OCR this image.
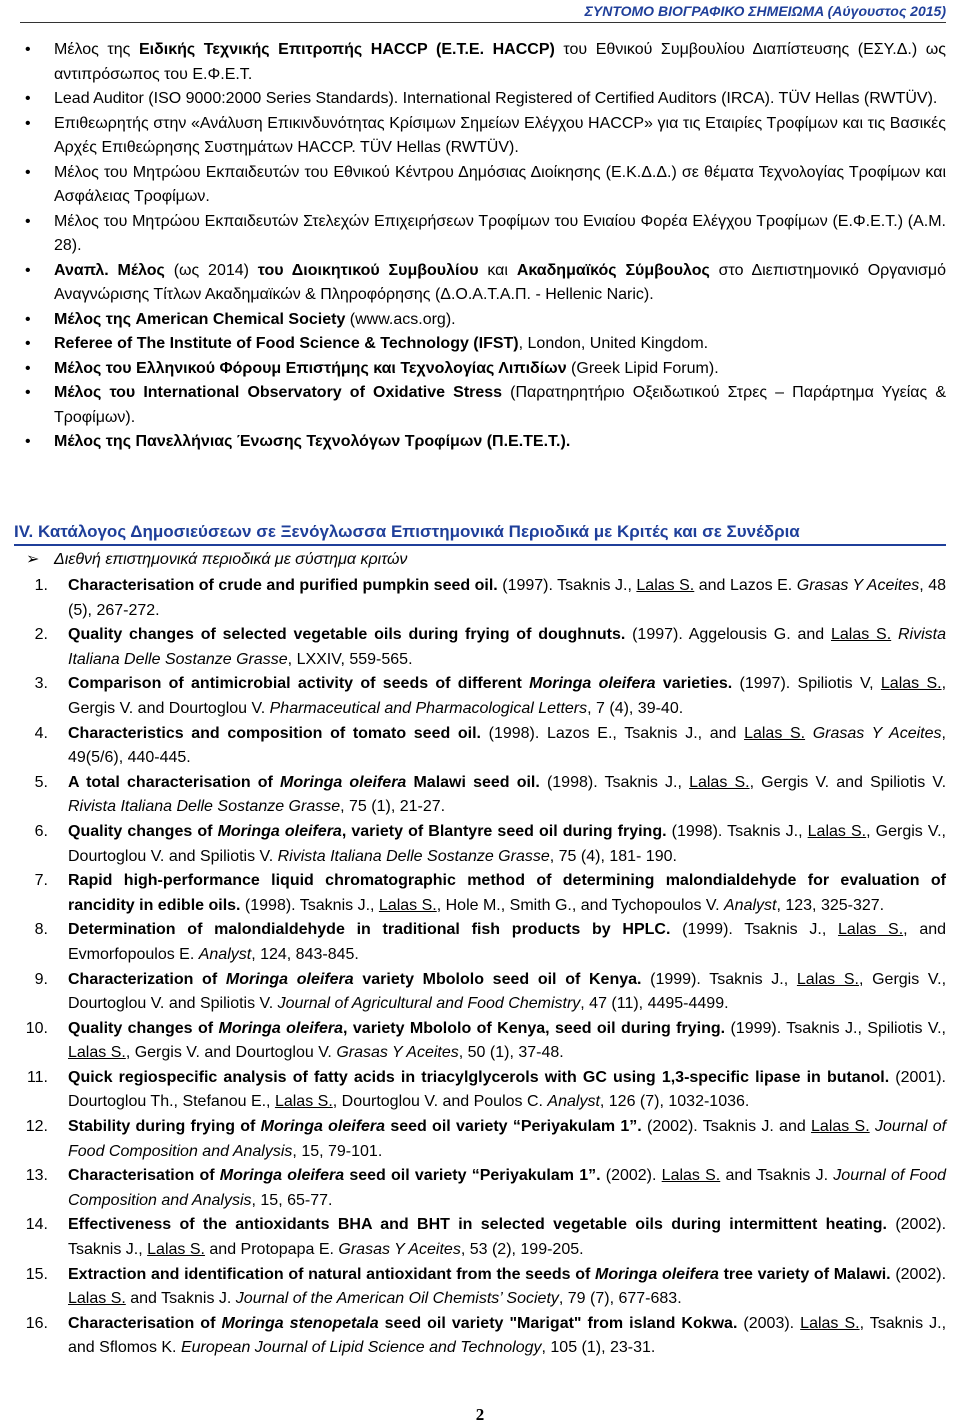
ΣΥΝΤΟΜΟ ΒΙΟΓΡΑΦΙΚΟ ΣΗΜΕΙΩΜΑ (Αύγουστος 2015)
• Μέλος της Ειδικής Τεχνικής Επιτροπής HACCP (Ε.Τ.Ε. HACCP) του Εθνικού Συμβουλίου Διαπίστευσης (ΕΣΥ.Δ.) ως αντιπρόσωπος του Ε.Φ.Ε.Τ.
• Lead Auditor (ISO 9000:2000 Series Standards). International Registered of Certified Auditors (IRCA). TÜV Hellas (RWTÜV).
• Επιθεωρητής στην «Ανάλυση Επικινδυνότητας Κρίσιμων Σημείων Ελέγχου HACCP» για τις Εταιρίες Τροφίμων και τις Βασικές Αρχές Επιθεώρησης Συστημάτων HACCP. TÜV Hellas (RWTÜV).
• Μέλος του Μητρώου Εκπαιδευτών του Εθνικού Κέντρου Δημόσιας Διοίκησης (Ε.Κ.Δ.Δ.) σε θέματα Τεχνολογίας Τροφίμων και Ασφάλειας Τροφίμων.
• Μέλος του Μητρώου Εκπαιδευτών Στελεχών Επιχειρήσεων Τροφίμων του Ενιαίου Φορέα Ελέγχου Τροφίμων (Ε.Φ.Ε.Τ.) (Α.Μ. 28).
• Αναπλ. Μέλος (ως 2014) του Διοικητικού Συμβουλίου και Ακαδημαϊκός Σύμβουλος στο Διεπιστημονικό Οργανισμό Αναγνώρισης Τίτλων Ακαδημαϊκών & Πληροφόρησης (Δ.Ο.Α.Τ.Α.Π. - Hellenic Naric).
• Μέλος της American Chemical Society (www.acs.org).
• Referee of The Institute of Food Science & Technology (IFST), London, United Kingdom.
• Μέλος του Ελληνικού Φόρουμ Επιστήμης και Τεχνολογίας Λιπιδίων (Greek Lipid Forum).
• Μέλος του International Observatory of Oxidative Stress (Παρατηρητήριο Οξειδωτικού Στρες – Παράρτημα Υγείας & Τροφίμων).
• Μέλος της Πανελλήνιας Ένωσης Τεχνολόγων Τροφίμων (Π.Ε.ΤΕ.Τ.).
IV. Κατάλογος Δημοσιεύσεων σε Ξενόγλωσσα Επιστημονικά Περιοδικά με Κριτές και σε Συνέδρια
➢ Διεθνή επιστημονικά περιοδικά με σύστημα κριτών
1. Characterisation of crude and purified pumpkin seed oil. (1997). Tsaknis J., Lalas S. and Lazos E. Grasas Y Aceites, 48 (5), 267-272.
2. Quality changes of selected vegetable oils during frying of doughnuts. (1997). Aggelousis G. and Lalas S. Rivista Italiana Delle Sostanze Grasse, LXXIV, 559-565.
3. Comparison of antimicrobial activity of seeds of different Moringa oleifera varieties. (1997). Spiliotis V, Lalas S., Gergis V. and Dourtoglou V. Pharmaceutical and Pharmacological Letters, 7 (4), 39-40.
4. Characteristics and composition of tomato seed oil. (1998). Lazos E., Tsaknis J., and Lalas S. Grasas Y Aceites, 49(5/6), 440-445.
5. A total characterisation of Moringa oleifera Malawi seed oil. (1998). Tsaknis J., Lalas S., Gergis V. and Spiliotis V. Rivista Italiana Delle Sostanze Grasse, 75 (1), 21-27.
6. Quality changes of Moringa oleifera, variety of Blantyre seed oil during frying. (1998). Tsaknis J., Lalas S., Gergis V., Dourtoglou V. and Spiliotis V. Rivista Italiana Delle Sostanze Grasse, 75 (4), 181- 190.
7. Rapid high-performance liquid chromatographic method of determining malondialdehyde for evaluation of rancidity in edible oils. (1998). Tsaknis J., Lalas S., Hole M., Smith G., and Tychopoulos V. Analyst, 123, 325-327.
8. Determination of malondialdehyde in traditional fish products by HPLC. (1999). Tsaknis J., Lalas S., and Evmorfopoulos E. Analyst, 124, 843-845.
9. Characterization of Moringa oleifera variety Mbololo seed oil of Kenya. (1999). Tsaknis J., Lalas S., Gergis V., Dourtoglou V. and Spiliotis V. Journal of Agricultural and Food Chemistry, 47 (11), 4495-4499.
10. Quality changes of Moringa oleifera, variety Mbololo of Kenya, seed oil during frying. (1999). Tsaknis J., Spiliotis V., Lalas S., Gergis V. and Dourtoglou V. Grasas Y Aceites, 50 (1), 37-48.
11. Quick regiospecific analysis of fatty acids in triacylglycerols with GC using 1,3-specific lipase in butanol. (2001). Dourtoglou Th., Stefanou E., Lalas S., Dourtoglou V. and Poulos C. Analyst, 126 (7), 1032-1036.
12. Stability during frying of Moringa oleifera seed oil variety “Periyakulam 1”. (2002). Tsaknis J. and Lalas S. Journal of Food Composition and Analysis, 15, 79-101.
13. Characterisation of Moringa oleifera seed oil variety “Periyakulam 1”. (2002). Lalas S. and Tsaknis J. Journal of Food Composition and Analysis, 15, 65-77.
14. Effectiveness of the antioxidants BHA and BHT in selected vegetable oils during intermittent heating. (2002). Tsaknis J., Lalas S. and Protopapa E. Grasas Y Aceites, 53 (2), 199-205.
15. Extraction and identification of natural antioxidant from the seeds of Moringa oleifera tree variety of Malawi. (2002). Lalas S. and Tsaknis J. Journal of the American Oil Chemists’ Society, 79 (7), 677-683.
16. Characterisation of Moringa stenopetala seed oil variety "Marigat" from island Kokwa. (2003). Lalas S., Tsaknis J., and Sflomos K. European Journal of Lipid Science and Technology, 105 (1), 23-31.
2
